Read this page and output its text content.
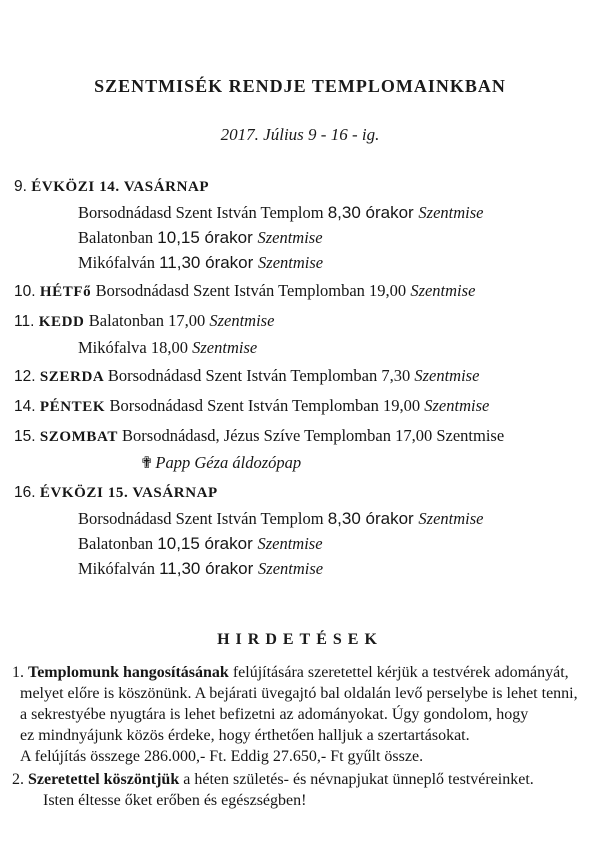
SZENTMISÉK RENDJE TEMPLOMAINKBAN
2017. Július 9 - 16 - ig.
9. ÉVKÖZI 14. VASÁRNAP
Borsodnádasd Szent István Templom 8,30 órakor Szentmise
Balatonban 10,15 órakor Szentmise
Mikófalván 11,30 órakor Szentmise
10. HÉTFő Borsodnádasd Szent István Templomban 19,00 Szentmise
11. KEDD Balatonban 17,00 Szentmise
Mikófalva 18,00 Szentmise
12. SZERDA Borsodnádasd Szent István Templomban 7,30 Szentmise
14. PÉNTEK Borsodnádasd Szent István Templomban 19,00 Szentmise
15. SZOMBAT Borsodnádasd, Jézus Szíve Templomban 17,00 Szentmise
✟ Papp Géza áldozópap
16. ÉVKÖZI 15. VASÁRNAP
Borsodnádasd Szent István Templom 8,30 órakor Szentmise
Balatonban 10,15 órakor Szentmise
Mikófalván 11,30 órakor Szentmise
HIRDETÉSEK
1. Templomunk hangosításának felújítására szeretettel kérjük a testvérek adományát,
melyet előre is köszönünk. A bejárati üvegajtó bal oldalán levő perselybe is lehet tenni,
a sekrestyébe nyugtára is lehet befizetni az adományokat. Úgy gondolom, hogy
ez mindnyájunk közös érdeke, hogy érthetően halljuk a szertartásokat.
A felújítás összege 286.000,- Ft. Eddig 27.650,- Ft gyűlt össze.
2. Szeretettel köszöntjük a héten születés- és névnapjukat ünneplő testvéreinket.
Isten éltesse őket erőben és egészségben!
